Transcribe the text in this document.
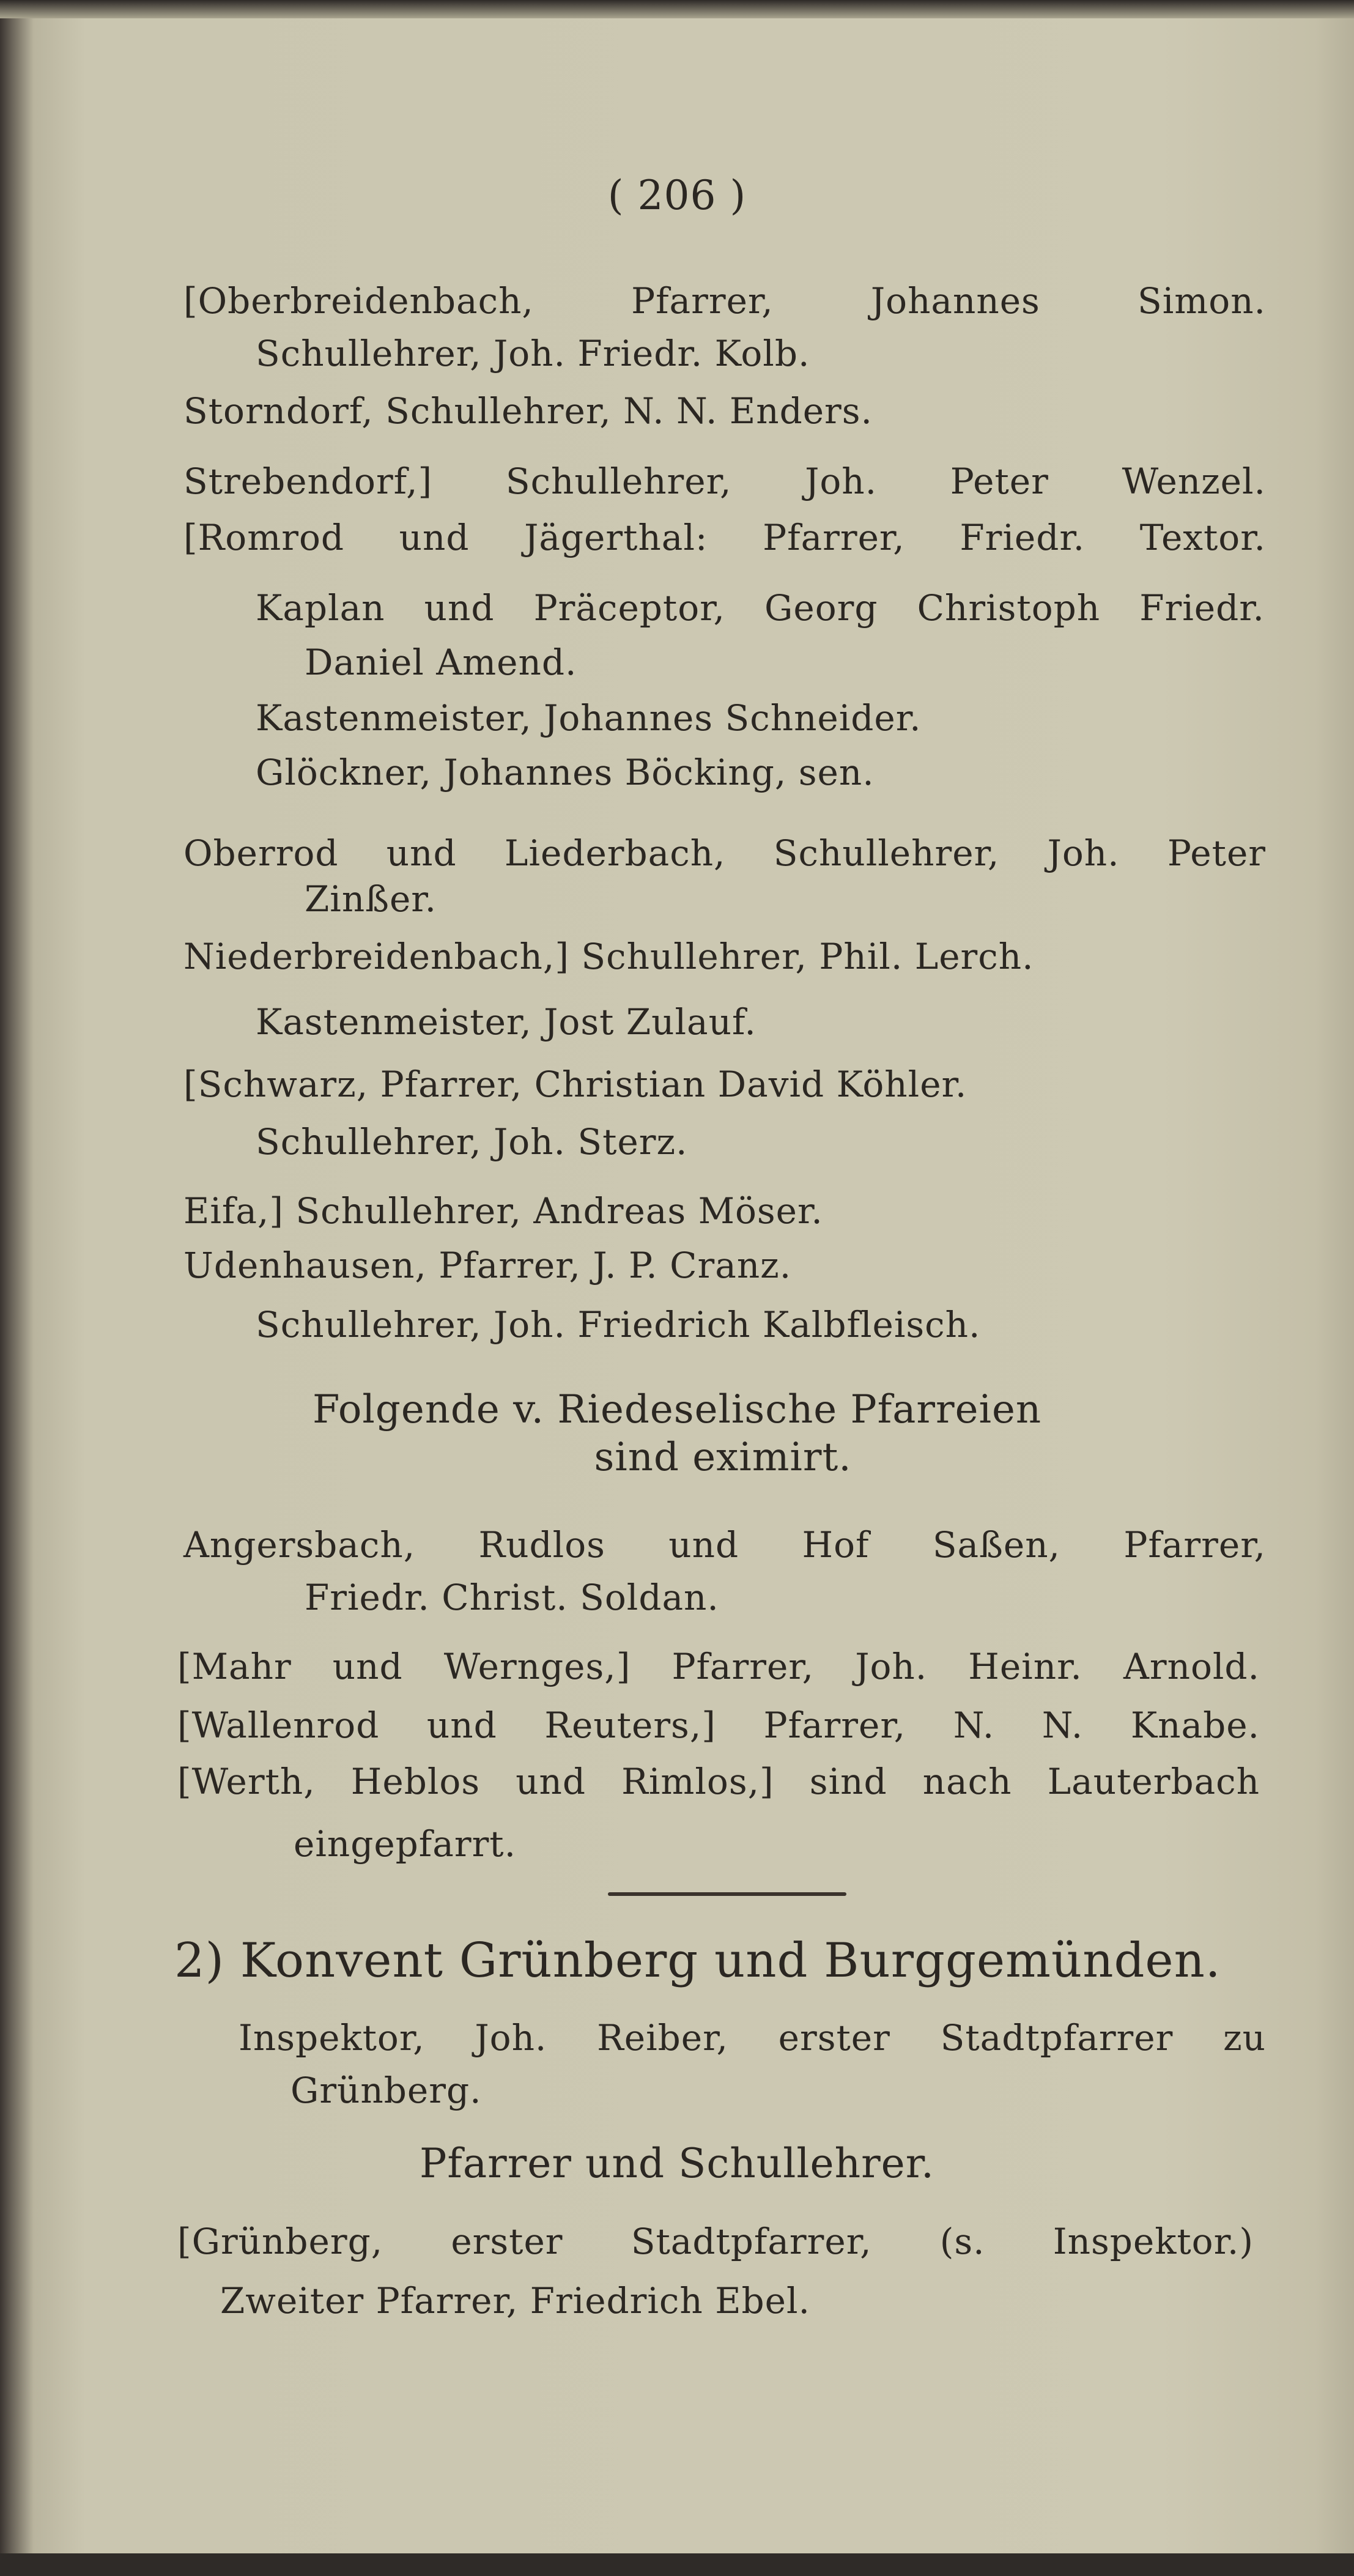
( 206 )
[Oberbreidenbach, Pfarrer, Johannes Simon.
Schullehrer, Joh. Friedr. Kolb.
Storndorf, Schullehrer, N. N. Enders.
Strebendorf,] Schullehrer, Joh. Peter Wenzel.
[Romrod und Jägerthal: Pfarrer, Friedr. Textor.
Kaplan und Präceptor, Georg Christoph Friedr.
Daniel Amend.
Kastenmeister, Johannes Schneider.
Glöckner, Johannes Böcking, sen.
Oberrod und Liederbach, Schullehrer, Joh. Peter
Zinßer.
Niederbreidenbach,] Schullehrer, Phil. Lerch.
Kastenmeister, Jost Zulauf.
[Schwarz, Pfarrer, Christian David Köhler.
Schullehrer, Joh. Sterz.
Eifa,] Schullehrer, Andreas Möser.
Udenhausen, Pfarrer, J. P. Cranz.
Schullehrer, Joh. Friedrich Kalbfleisch.
Folgende v. Riedeselische Pfarreien
sind eximirt.
Angersbach, Rudlos und Hof Saßen, Pfarrer,
Friedr. Christ. Soldan.
[Mahr und Wernges,] Pfarrer, Joh. Heinr. Arnold.
[Wallenrod und Reuters,] Pfarrer, N. N. Knabe.
[Werth, Heblos und Rimlos,] sind nach Lauterbach
eingepfarrt.
2) Konvent Grünberg und Burggemünden.
Inspektor, Joh. Reiber, erster Stadtpfarrer zu
Grünberg.
Pfarrer und Schullehrer.
[Grünberg, erster Stadtpfarrer, (s. Inspektor.)
Zweiter Pfarrer, Friedrich Ebel.
